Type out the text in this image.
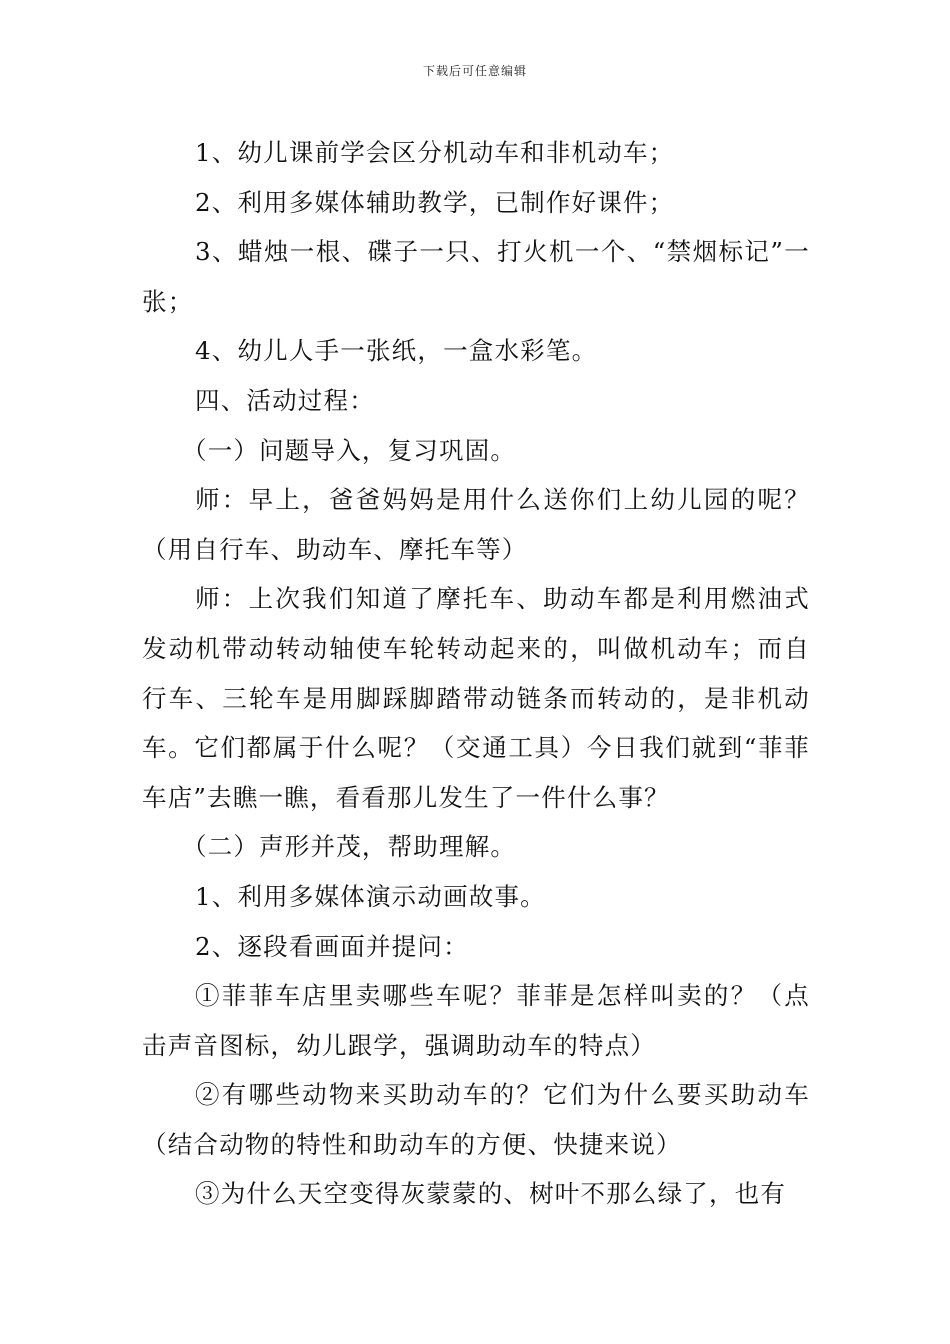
下载后可任意编辑

1、幼儿课前学会区分机动车和非机动车；

2、利用多媒体辅助教学，已制作好课件；

3、蜡烛一根、碟子一只、打火机一个、“禁烟标记”一张；

4、幼儿人手一张纸，一盒水彩笔。

四、活动过程：

（一）问题导入，复习巩固。

师：早上，爸爸妈妈是用什么送你们上幼儿园的呢？（用自行车、助动车、摩托车等）

师：上次我们知道了摩托车、助动车都是利用燃油式发动机带动转动轴使车轮转动起来的，叫做机动车；而自行车、三轮车是用脚踩脚踏带动链条而转动的，是非机动车。它们都属于什么呢？（交通工具）今日我们就到“菲菲车店”去瞧一瞧，看看那儿发生了一件什么事？

（二）声形并茂，帮助理解。

1、利用多媒体演示动画故事。

2、逐段看画面并提问：

①菲菲车店里卖哪些车呢？菲菲是怎样叫卖的？（点击声音图标，幼儿跟学，强调助动车的特点）

②有哪些动物来买助动车的？它们为什么要买助动车（结合动物的特性和助动车的方便、快捷来说）

③为什么天空变得灰蒙蒙的、树叶不那么绿了，也有
